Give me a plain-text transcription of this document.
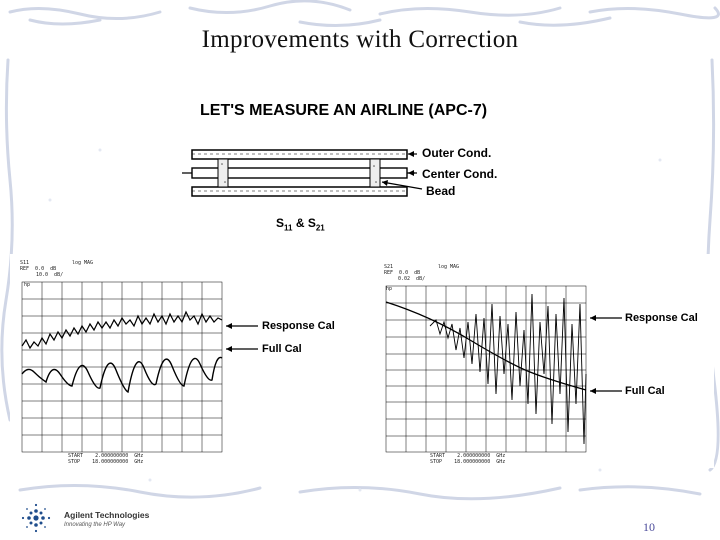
Improvements with Correction
LET'S MEASURE AN AIRLINE (APC-7)
Outer Cond.
Center Cond.
Bead
$S_{11}$ & $S_{21}$
S11	log MAG
REF  0.0  dB
10.0  dB/
hp
Response Cal
Full Cal
START    2.000000000  GHz
STOP    18.000000000  GHz
S21	log MAG
REF  0.0  dB
0.02  dB/
hp
Response Cal
Full Cal
START    2.000000000  GHz
STOP    18.000000000  GHz
Agilent Technologies
Innovating the HP Way	10
